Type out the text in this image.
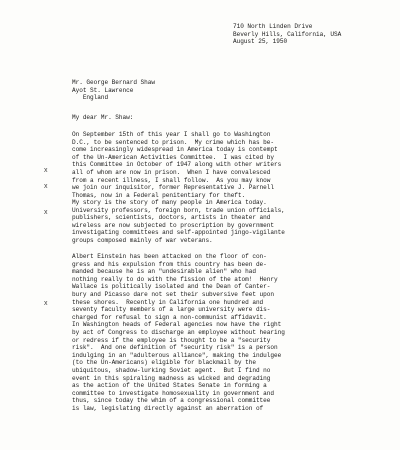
710 North Linden Drive
Beverly Hills, California, USA
August 25, 1950
Mr. George Bernard Shaw
Ayot St. Lawrence
England
My dear Mr. Shaw:
On September 15th of this year I shall go to Washington
D.C., to be sentenced to prison.  My crime which has be-
come increasingly widespread in America today is contempt
of the Un-American Activities Committee.  I was cited by
this Committee in October of 1947 along with other writers
all of whom are now in prison.  When I have convalesced
from a recent illness, I shall follow.  As you may know
we join our inquisitor, former Representative J. Parnell
Thomas, now in a Federal penitentiary for theft.
My story is the story of many people in America today.
University professors, foreign born, trade union officials,
publishers, scientists, doctors, artists in theater and
wireless are now subjected to proscription by government
investigating committees and self-appointed jingo-vigilante
groups composed mainly of war veterans.
Albert Einstein has been attacked on the floor of con-
gress and his expulsion from this country has been de-
manded because he is an "undesirable alien" who had
nothing really to do with the fission of the atom!  Henry
Wallace is politically isolated and the Dean of Canter-
bury and Picasso dare not set their subversive feet upon
these shores.  Recently in California one hundred and
seventy faculty members of a large university were dis-
charged for refusal to sign a non-communist affidavit.
In Washington heads of Federal agencies now have the right
by act of Congress to discharge an employee without hearing
or redress if the employee is thought to be a "security
risk".  And one definition of "security risk" is a person
indulging in an "adulterous alliance", making the indulgee
(to the Un-Americans) eligible for blackmail by the
ubiquitous, shadow-lurking Soviet agent.  But I find no
event in this spiraling madness as wicked and degrading
as the action of the United States Senate in forming a
committee to investigate homosexuality in government and
thus, since today the whim of a congressional committee
is law, legislating directly against an aberration of
x
x
x
x
